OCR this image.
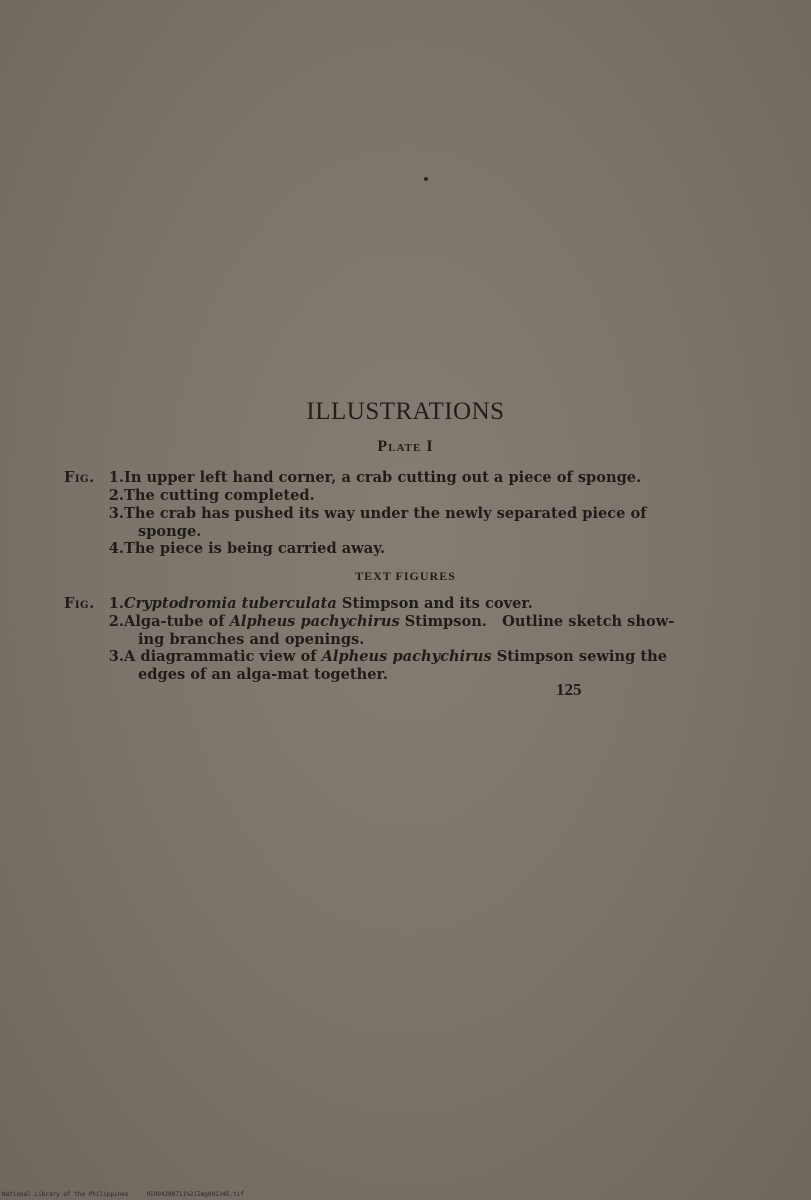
ILLUSTRATIONS
Plate I
Fig. 1. In upper left hand corner, a crab cutting out a piece of sponge.
2. The cutting completed.
3. The crab has pushed its way under the newly separated piece of
sponge.
4. The piece is being carried away.
TEXT FIGURES
Fig. 1. Cryptodromia tuberculata Stimpson and its cover.
2. Alga-tube of Alpheus pachychirus Stimpson.   Outline sketch show-
ing branches and openings.
3. A diagrammatic view of Alpheus pachychirus Stimpson sewing the
edges of an alga-mat together.
125
National Library of the Philippines     HI0042B0711%21Img00134E.tif
